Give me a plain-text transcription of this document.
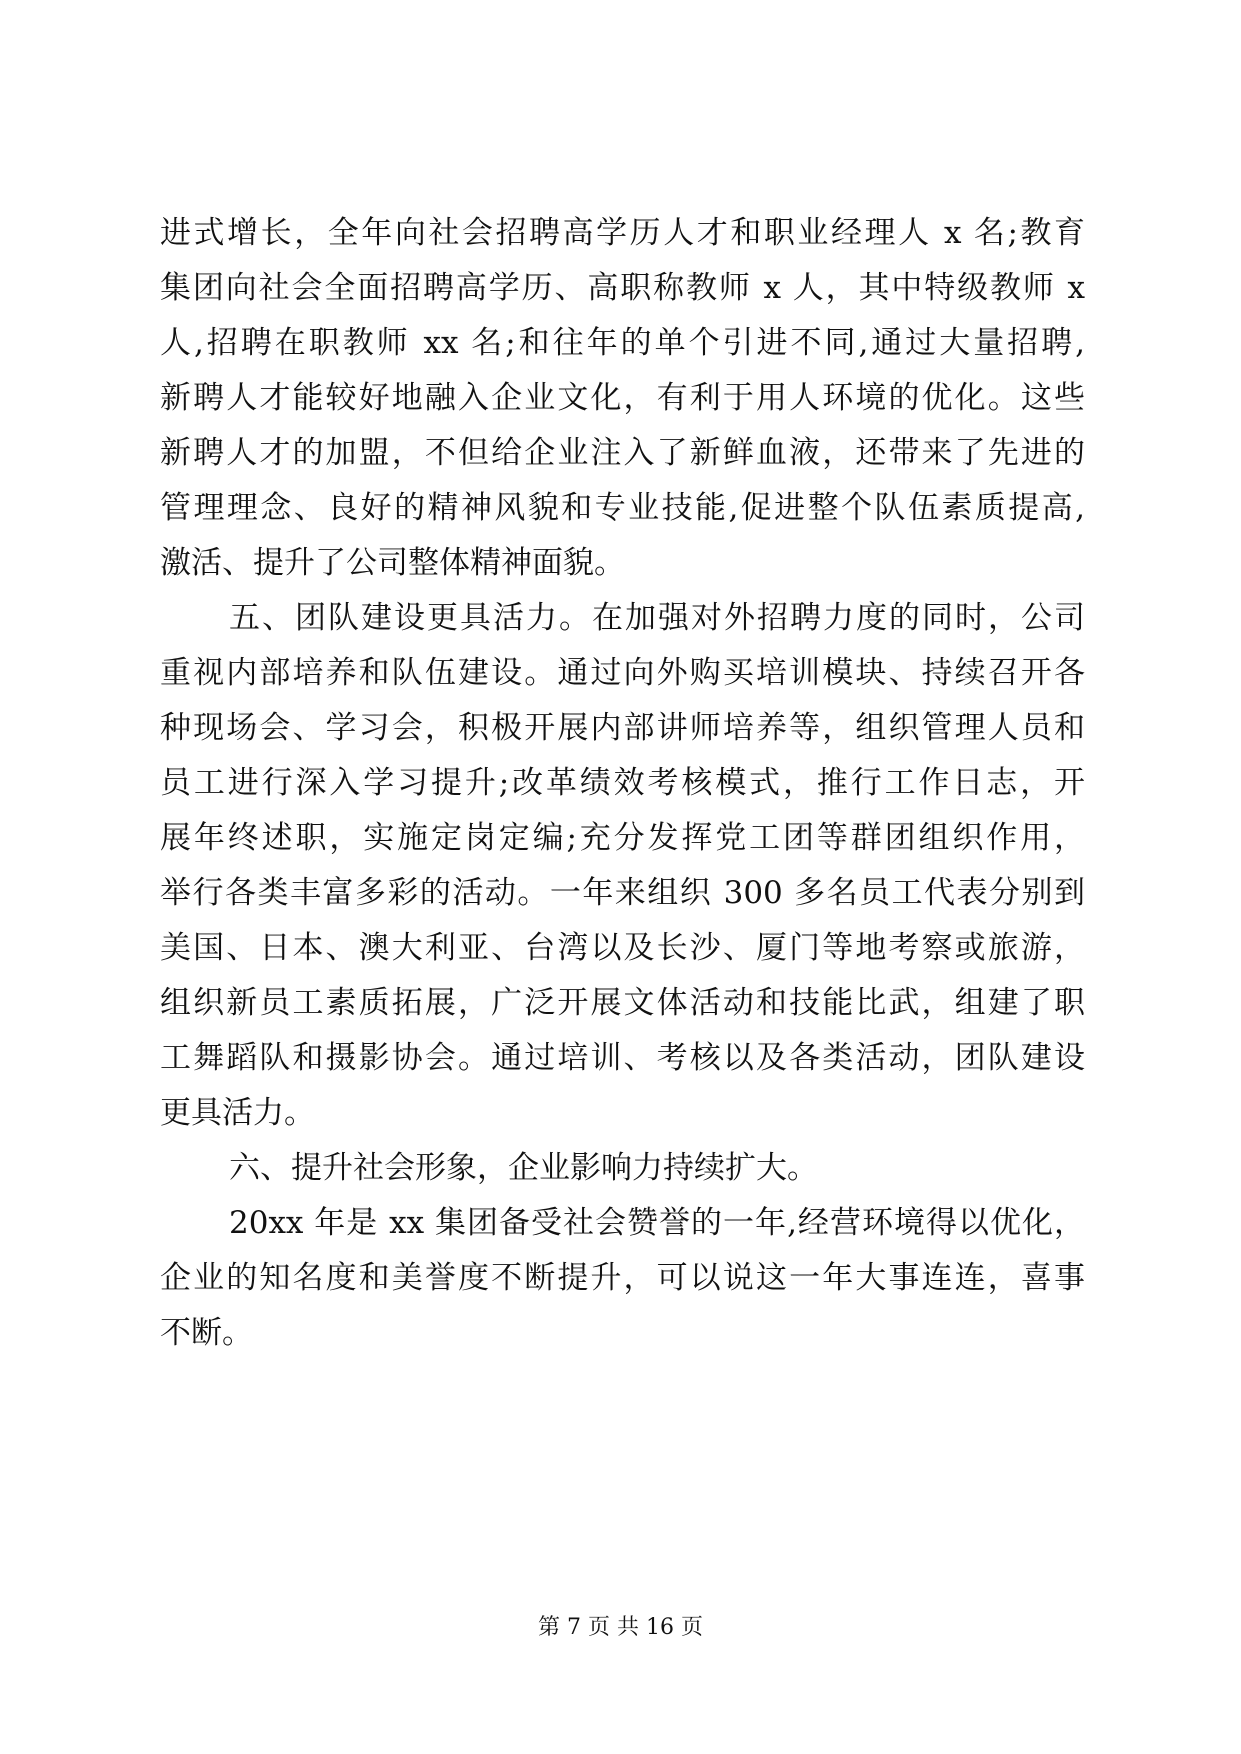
进式增长，全年向社会招聘高学历人才和职业经理人 x 名;教育
集团向社会全面招聘高学历、高职称教师 x 人，其中特级教师 x
人,招聘在职教师 xx 名;和往年的单个引进不同,通过大量招聘,
新聘人才能较好地融入企业文化，有利于用人环境的优化。这些
新聘人才的加盟，不但给企业注入了新鲜血液，还带来了先进的
管理理念、良好的精神风貌和专业技能,促进整个队伍素质提高,
激活、提升了公司整体精神面貌。
五、团队建设更具活力。在加强对外招聘力度的同时，公司
重视内部培养和队伍建设。通过向外购买培训模块、持续召开各
种现场会、学习会，积极开展内部讲师培养等，组织管理人员和
员工进行深入学习提升;改革绩效考核模式，推行工作日志，开
展年终述职，实施定岗定编;充分发挥党工团等群团组织作用，
举行各类丰富多彩的活动。一年来组织 300 多名员工代表分别到
美国、日本、澳大利亚、台湾以及长沙、厦门等地考察或旅游，
组织新员工素质拓展，广泛开展文体活动和技能比武，组建了职
工舞蹈队和摄影协会。通过培训、考核以及各类活动，团队建设
更具活力。
六、提升社会形象，企业影响力持续扩大。
20xx 年是 xx 集团备受社会赞誉的一年,经营环境得以优化，
企业的知名度和美誉度不断提升，可以说这一年大事连连，喜事
不断。
第 7 页 共 16 页
